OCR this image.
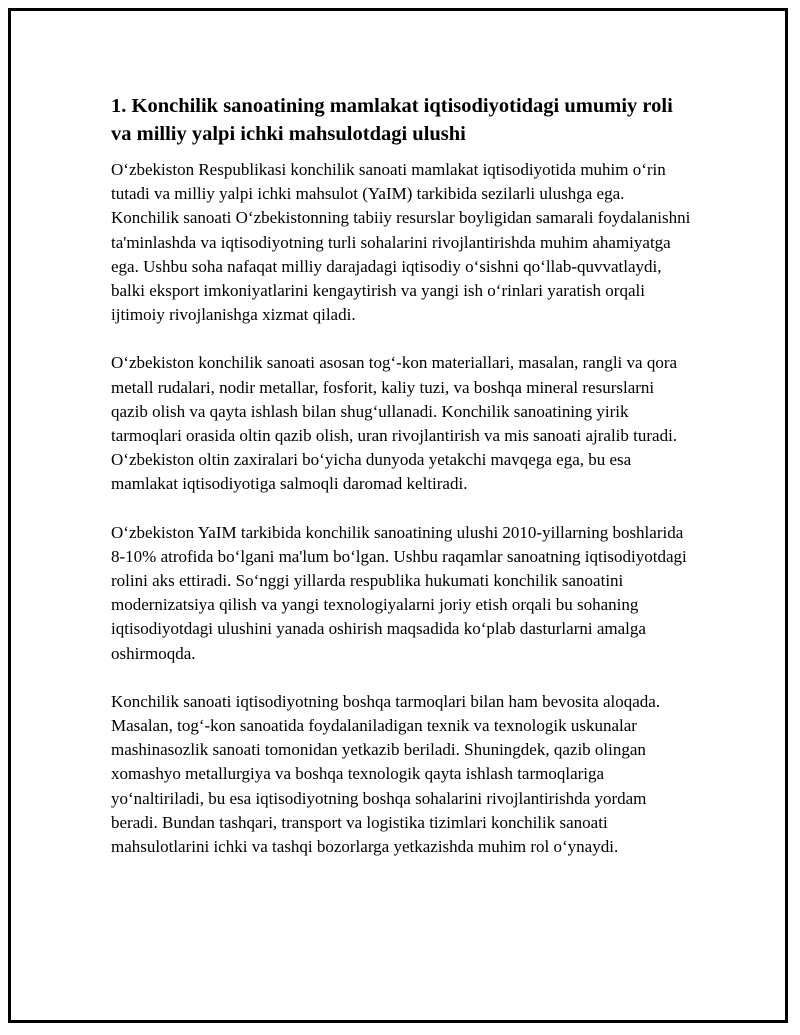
1. Konchilik sanoatining mamlakat iqtisodiyotidagi umumiy roli va milliy yalpi ichki mahsulotdagi ulushi

O‘zbekiston Respublikasi konchilik sanoati mamlakat iqtisodiyotida muhim o‘rin tutadi va milliy yalpi ichki mahsulot (YaIM) tarkibida sezilarli ulushga ega. Konchilik sanoati O‘zbekistonning tabiiy resurslar boyligidan samarali foydalanishni ta'minlashda va iqtisodiyotning turli sohalarini rivojlantirishda muhim ahamiyatga ega. Ushbu soha nafaqat milliy darajadagi iqtisodiy o‘sishni qo‘llab-quvvatlaydi, balki eksport imkoniyatlarini kengaytirish va yangi ish o‘rinlari yaratish orqali ijtimoiy rivojlanishga xizmat qiladi.

O‘zbekiston konchilik sanoati asosan tog‘-kon materiallari, masalan, rangli va qora metall rudalari, nodir metallar, fosforit, kaliy tuzi, va boshqa mineral resurslarni qazib olish va qayta ishlash bilan shug‘ullanadi. Konchilik sanoatining yirik tarmoqlari orasida oltin qazib olish, uran rivojlantirish va mis sanoati ajralib turadi. O‘zbekiston oltin zaxiralari bo‘yicha dunyoda yetakchi mavqega ega, bu esa mamlakat iqtisodiyotiga salmoqli daromad keltiradi.

O‘zbekiston YaIM tarkibida konchilik sanoatining ulushi 2010-yillarning boshlarida 8-10% atrofida bo‘lgani ma'lum bo‘lgan. Ushbu raqamlar sanoatning iqtisodiyotdagi rolini aks ettiradi. So‘nggi yillarda respublika hukumati konchilik sanoatini modernizatsiya qilish va yangi texnologiyalarni joriy etish orqali bu sohaning iqtisodiyotdagi ulushini yanada oshirish maqsadida ko‘plab dasturlarni amalga oshirmoqda.

Konchilik sanoati iqtisodiyotning boshqa tarmoqlari bilan ham bevosita aloqada. Masalan, tog‘-kon sanoatida foydalaniladigan texnik va texnologik uskunalar mashinasozlik sanoati tomonidan yetkazib beriladi. Shuningdek, qazib olingan xomashyo metallurgiya va boshqa texnologik qayta ishlash tarmoqlariga yo‘naltiriladi, bu esa iqtisodiyotning boshqa sohalarini rivojlantirishda yordam beradi. Bundan tashqari, transport va logistika tizimlari konchilik sanoati mahsulotlarini ichki va tashqi bozorlarga yetkazishda muhim rol o‘ynaydi.
